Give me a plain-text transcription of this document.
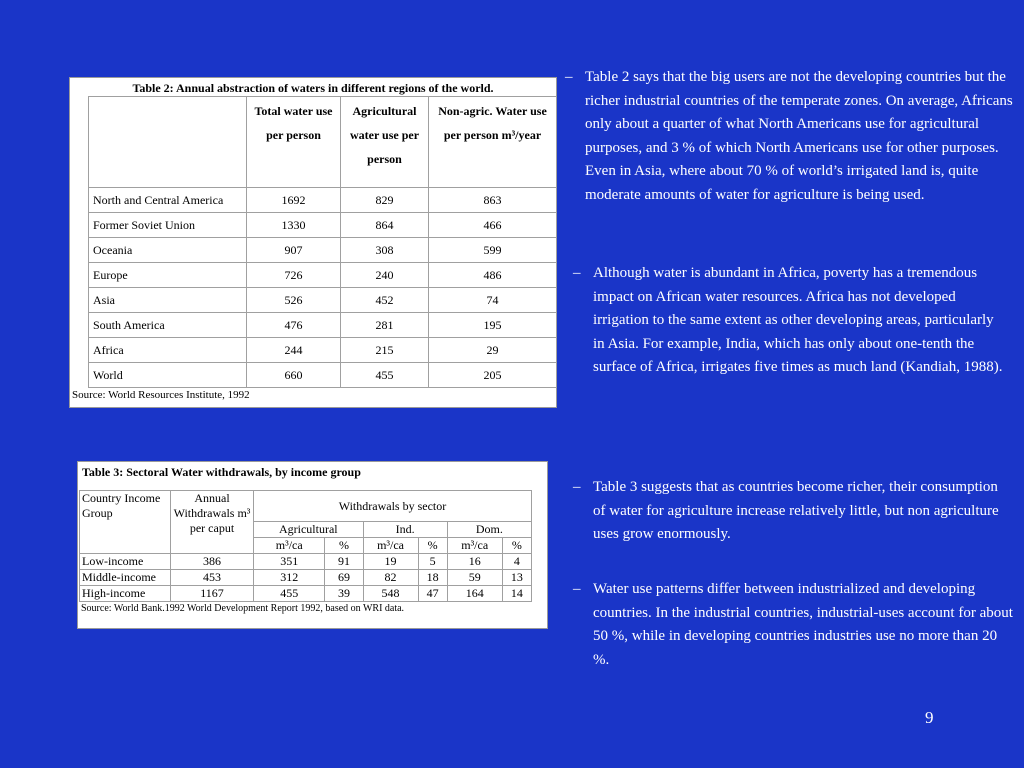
Table 2: Annual abstraction of waters in different regions of the world.
	Total water use per person	Agricultural water use per person	Non-agric. Water use per person m³/year
North and Central America	1692	829	863
Former Soviet Union	1330	864	466
Oceania	907	308	599
Europe	726	240	486
Asia	526	452	74
South America	476	281	195
Africa	244	215	29
World	660	455	205
Source: World Resources Institute, 1992
Table 3: Sectoral Water withdrawals, by income group
Country Income Group	Annual Withdrawals m³ per caput	Withdrawals by sector					
		Agricultural		Ind.		Dom.	
		m³/ca	%	m³/ca	%	m³/ca	%
Low-income	386	351	91	19	5	16	4
Middle-income	453	312	69	82	18	59	13
High-income	1167	455	39	548	47	164	14
Source: World Bank.1992 World Development Report 1992, based on WRI data.

– Table 2 says that the big users are not the developing countries but the richer industrial countries of the temperate zones. On average, Africans only about a quarter of what North Americans use for agricultural purposes, and 3 % of which North Americans use for other purposes. Even in Asia, where about 70 % of world’s irrigated land is, quite moderate amounts of water for agriculture is being used.

– Although water is abundant in Africa, poverty has a tremendous impact on African water resources. Africa has not developed irrigation to the same extent as other developing areas, particularly in Asia. For example, India, which has only about one-tenth the surface of Africa, irrigates five times as much land (Kandiah, 1988).

– Table 3 suggests that as countries become richer, their consumption of water for agriculture increase relatively little, but non agriculture uses grow enormously.

– Water use patterns differ between industrialized and developing countries. In the industrial countries, industrial-uses account for about 50 %, while in developing countries industries use no more than 20 %.

9
